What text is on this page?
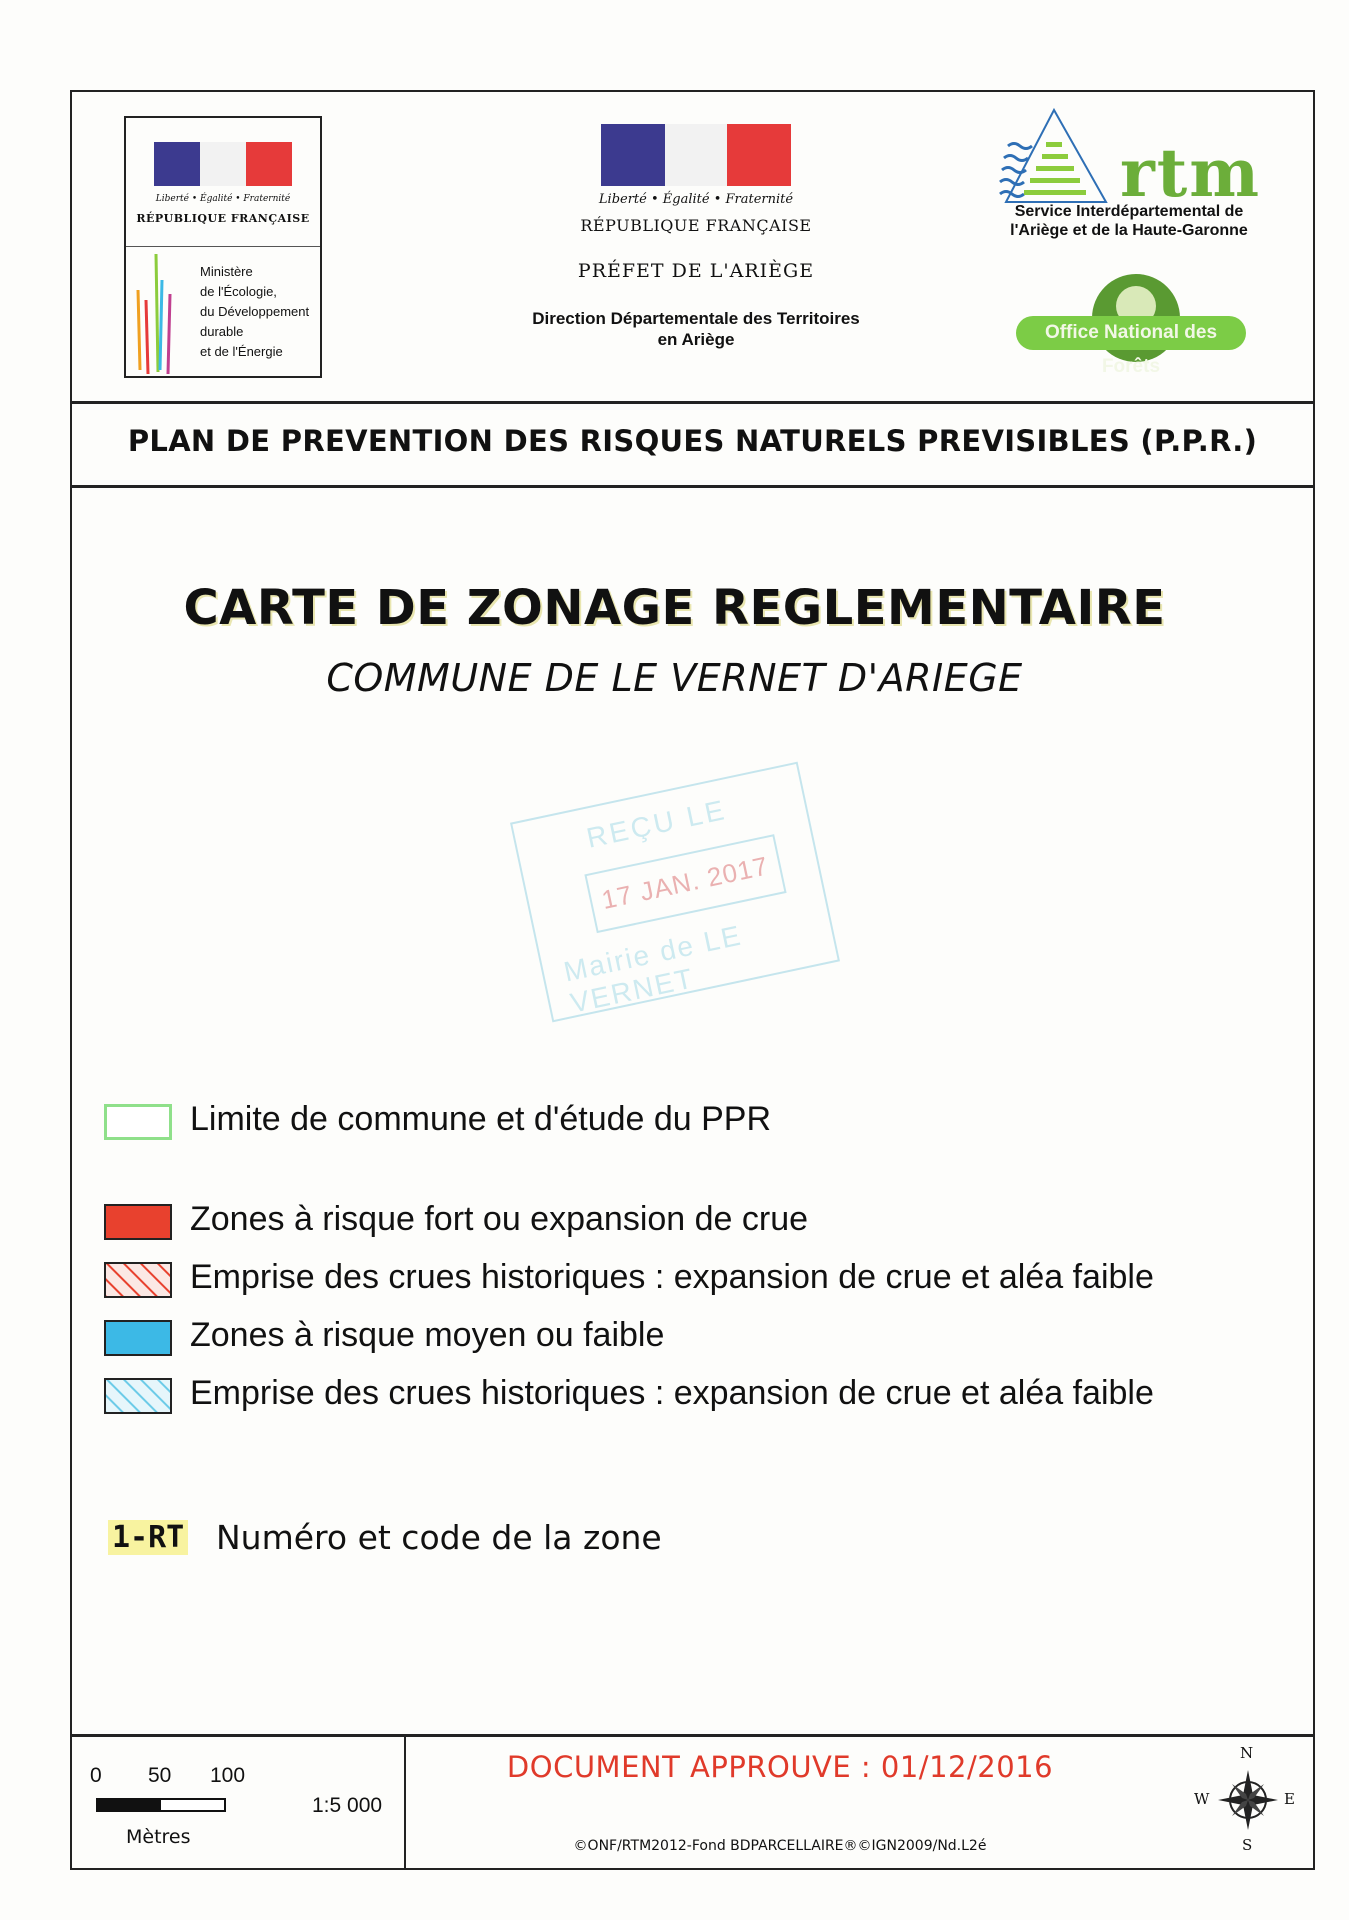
Liberté • Égalité • Fraternité
RÉPUBLIQUE FRANÇAISE
Ministère
de l'Écologie,
du Développement
durable
et de l'Énergie
Liberté • Égalité • Fraternité
RÉPUBLIQUE FRANÇAISE
PRÉFET DE L'ARIÈGE
Direction Départementale des Territoires
en Ariège
rtm
Service Interdépartemental de
l'Ariège et de la Haute-Garonne
Office National des Forêts
PLAN DE PREVENTION DES RISQUES NATURELS PREVISIBLES (P.P.R.)
CARTE DE ZONAGE REGLEMENTAIRE
COMMUNE DE LE VERNET D'ARIEGE
REÇU LE
17 JAN. 2017
Mairie de LE VERNET
Limite de commune et d'étude du PPR
Zones à risque fort ou expansion de crue
Emprise des crues historiques : expansion de crue et aléa faible
Zones à risque moyen ou faible
Emprise des crues historiques : expansion de crue et aléa faible
1-RT Numéro et code de la zone
0 50 100
Mètres
1:5 000
DOCUMENT APPROUVE : 01/12/2016
©ONF/RTM2012-Fond BDPARCELLAIRE®©IGN2009/Nd.L2é
N
S
W	E
